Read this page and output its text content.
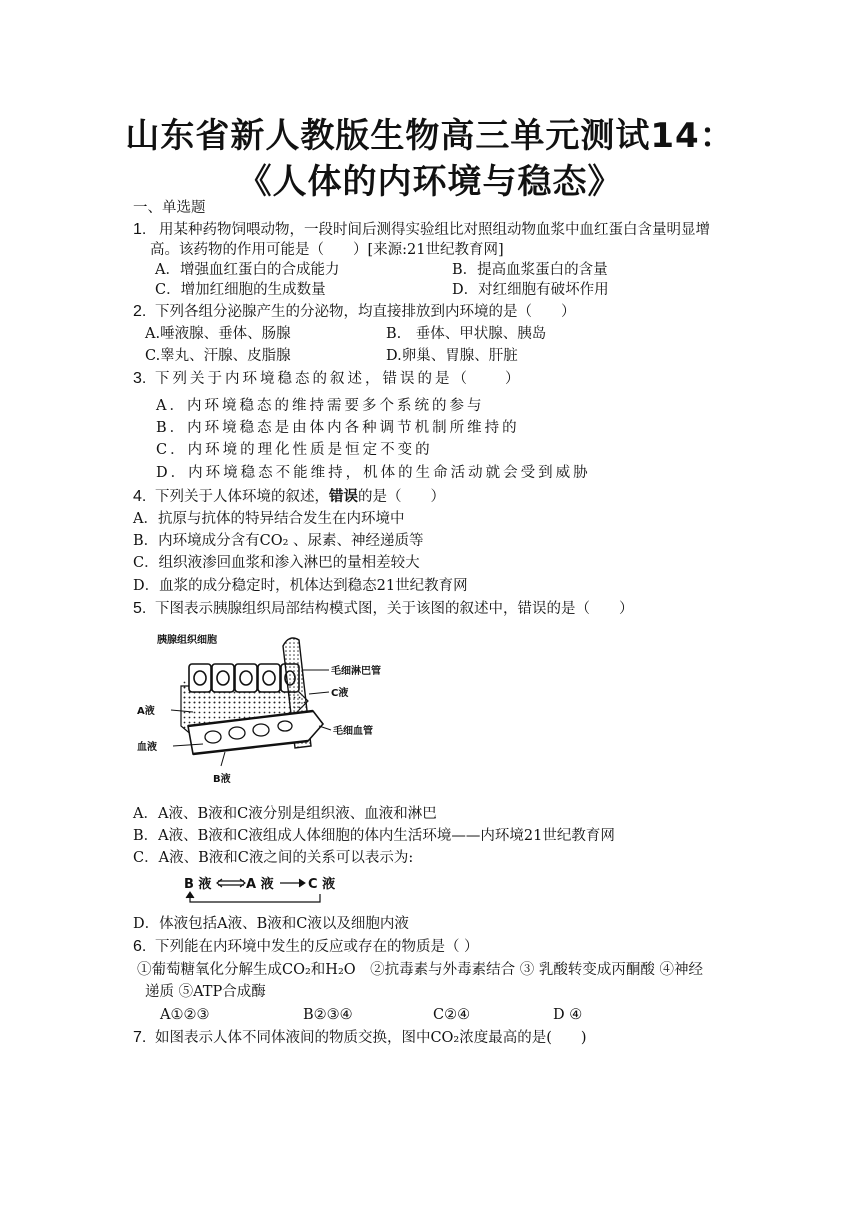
山东省新人教版生物高三单元测试14：
《人体的内环境与稳态》
一、单选题
1. 用某种药物饲喂动物，一段时间后测得实验组比对照组动物血浆中血红蛋白含量明显增
高。该药物的作用可能是（　　）[来源:21世纪教育网]
A．增强血红蛋白的合成能力	B．提高血浆蛋白的含量
C．增加红细胞的生成数量	D．对红细胞有破坏作用
2. 下列各组分泌腺产生的分泌物，均直接排放到内环境的是（　　）
A.唾液腺、垂体、肠腺	B.　垂体、甲状腺、胰岛
C.睾丸、汗腺、皮脂腺	D.卵巢、胃腺、肝脏
3. 下列关于内环境稳态的叙述，错误的是（　　）
A．内环境稳态的维持需要多个系统的参与
B．内环境稳态是由体内各种调节机制所维持的
C．内环境的理化性质是恒定不变的
D．内环境稳态不能维持，机体的生命活动就会受到威胁
4. 下列关于人体环境的叙述，错误的是（　　）
A．抗原与抗体的特异结合发生在内环境中
B．内环境成分含有CO₂ 、尿素、神经递质等
C．组织液渗回血浆和渗入淋巴的量相差较大
D．血浆的成分稳定时，机体达到稳态21世纪教育网
5. 下图表示胰腺组织局部结构模式图，关于该图的叙述中，错误的是（　　）
胰腺组织细胞
毛细淋巴管
C液
A液
毛细血管
血液
B液
A．A液、B液和C液分别是组织液、血液和淋巴
B．A液、B液和C液组成人体细胞的体内生活环境——内环境21世纪教育网
C．A液、B液和C液之间的关系可以表示为:
B 液	A 液	C 液
D．体液包括A液、B液和C液以及细胞内液
6. 下列能在内环境中发生的反应或存在的物质是（ ）
①葡萄糖氧化分解生成CO₂和H₂O　②抗毒素与外毒素结合 ③ 乳酸转变成丙酮酸 ④神经
递质 ⑤ATP合成酶
A①②③	B②③④	C②④	D ④
7. 如图表示人体不同体液间的物质交换，图中CO₂浓度最高的是(　　)
